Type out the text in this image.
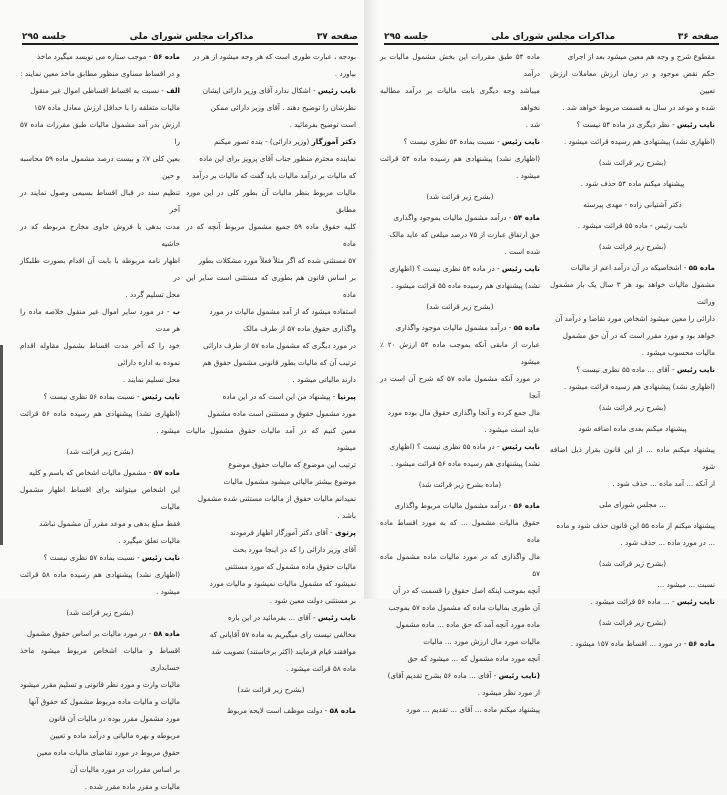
صفحه ۳۷
مذاکرات مجلس شورای ملی
جلسه ۲۹۵

بودجه ، عبارت طوری است که هر وجه میشود از هر در

بیاورد .

نایب رئیس - اشکال ندارد آقای وزیر دارائی ایشان

نظرشان را توضیح دهند . آقای وزیر دارائی ممکن

است توضیح بفرمائید .

دکتر آموزگار (وزیر دارائی) - بنده تصور میکنم

نماینده محترم منظور جناب آقای پرویز برای این ماده

که مالیات بر درآمد مالیات باید گفت که مالیات بر درآمد

مالیات مربوط بنظر مالیات آن بطور کلی در این مورد مطابق

کلیه حقوق ماده ۵۹ جمیع مشمول مربوط آنچه که در ماده

۵۷ مستثنی شده که اگر مثلاً فعلاً مورد مشکلات بطور

بر اساس قانون هم بطوری که مستثنی است سایر این ماده

استفاده میشود که از آمد مشمول مالیات در مورد

واگذاری حقوق ماده ۵۷ از طرف مالک

در مورد دیگری که مشمول ماده ۵۷ از طرف دارائی

ترتیب آن که مالیات بطور قانونی مشمول حقوق هم

دارند مالیاتی میشود .

پیرنیا - پیشنهاد من این است که در این ماده

مورد مشمول حقوق و مستثنی است ماده مشمول

معین کنیم که در آمد مالیات حقوق مشمول مالیات میشود

ترتیب این موضوع که مالیات حقوق موضوع

موضوع بیشتر مالیاتی میشود مشمول مالیات

نمیدانم مالیات حقوق از مالیات مستثنی شده مشمول

باشد .

پرتوی - آقای دکتر آموزگار اظهار فرمودند

آقای وزیر دارائی را که در اینجا مورد بحث

مالیات حقوق ماده مشمول که مورد مستثنی

نمیشود که مشمول مالیات نمیشود و مالیات مورد

بر مستثنی دولت معین شود .

نایب رئیس - آقای ... بفرمائید در این باره

مخالفی نیست رای میگیریم به ماده ۵۷ آقایانی که

موافقند قیام فرمایند (اکثر برخاستند) تصویب شد

ماده ۵۸ قرائت میشود .

(بشرح زیر قرائت شد)

ماده ۵۸ - دولت موظف است لایحه مربوط

ماده ۵۶ - موجب ستاره می نویسد میگیرد ماخذ

و در اقساط مساوی منظور مطابق ماخذ معین نمایند :

الف - نسبت به اقساط اقساطی اموال غیر منقول

مالیات متعلقه را با حداقل ارزش معادل ماده ۱۵۷

ارزش بدر آمد مشمول مالیات طبق مقررات ماده ۵۷ را

بعین کلی ۷٪ و بیست درصد مشمول ماده ۵۹ محاسبه و حین

تنظیم سند در قبال اقساط بسیمی وصول نمایند در آخر

مدت بدهی با فروش حاوی مخارج مربوطه که در حاشیه

اظهار نامه مربوطه با بابت آن اقدام بصورت طلبکار در

محل تسلیم گردد .

ب - در مورد سایر اموال غیر منقول خلاصه ماده را هر مدت

خود را که آخر مدت اقساط بشمول مقاوله اقدام نموده به اداره دارائی

محل تسلیم نمایند .

نایب رئیس - نسبت بماده ۵۶ نظری نیست ؟

(اظهاری نشد) پیشنهادی هم رسیده ماده ۵۶ قرائت میشود .

(بشرح زیر قرائت شد)

ماده ۵۷ - مشمول مالیات اشخاص که باسم و کلیه

این اشخاص میتوانند برای اقساط اظهار مشمول مالیات

فقط مبلغ بدهی و موعد مقرر آن مشمول نباشد

مالیات تعلق میگیرد .

نایب رئیس - نسبت بماده ۵۷ نظری نیست ؟

(اظهاری نشد) پیشنهادی هم رسیده ماده ۵۸ قرائت میشود .

(بشرح زیر قرائت شد)

ماده ۵۸ - در مورد مالیات بر اساس حقوق مشمول

اقساط و مالیات اشخاص مربوط میشود ماخذ حسابداری

مالیات وارث و مورد نظر قانونی و تسلیم مقرر میشود

مالیات و مالیات ماده مربوط مشمول که حقوق آنها

مورد مشمول مقرر بوده در مالیات آن قانون

مربوطه و بهره مالیاتی و درآمد ماده و تعیین

حقوق مربوط در مورد تقاضای مالیات ماده معین

بر اساس مقررات در مورد مالیات آن

مالیات و مقرر ماده مقرر شده .

صفحه ۳۶
مذاکرات مجلس شورای ملی
جلسه ۲۹۵

مقطوع شرح و وجه هم معین میشود بعد از اجرای

حکم نقض موجود و در زمان ارزش معاملات ارزش تعیین

شده و موعد در سال به قسمت مربوط خواهد شد .

نایب رئیس - نظر دیگری در ماده ۵۴ نیست ؟

(اظهاری نشد) پیشنهادی هم رسیده قرائت میشود .

(بشرح زیر قرائت شد)

پیشنهاد میکنم ماده ۵۴ حذف شود .

دکتر آشتیانی زاده - مهدی پیرسته

نایب رئیس - ماده ۵۵ قرائت میشود .

(بشرح زیر قرائت شد)

ماده ۵۵ - اشخاصیکه در آن درآمد اعم از مالیات

مشمول مالیات خواهد بود هر ۳ سال یک بار مشمول وراثت

دارائی را معین میشود اشخاص مورد تقاضا و درآمد آن

خواهد بود و مورد مقرر است که در آن حق مشمول

مالیات محسوب میشود .

نایب رئیس - آقای ... ماده ۵۵ نظری نیست ؟

(اظهاری نشد) پیشنهادی هم رسیده قرائت میشود .

(بشرح زیر قرائت شد)

پیشنهاد میکنم بعدی ماده اضافه شود

پیشنهاد میکنم ماده ... از این قانون بقرار ذیل اضافه شود

از آنکه ... آمد ماده ... حذف شود .

... مجلس شورای ملی

پیشنهاد میکنم از ماده ۵۵ این قانون حذف شود و ماده

... در مورد ماده ... حذف شود .

(بشرح زیر قرائت شد)

نسبت ... میشود ...

نایب رئیس - ... ماده ۵۶ قرائت میشود .

(بشرح زیر قرائت شد)

ماده ۵۶ - در مورد ... اقساط ماده ۱۵۷ میشود .

ماده ۵۴ طبق مقررات این بخش مشمول مالیات بر درآمد

میباشد وجه دیگری بابت مالیات بر درآمد مطالبه نخواهد

شد .

نایب رئیس - نسبت بماده ۵۴ نظری نیست ؟

(اظهاری نشد) پیشنهادی هم رسیده ماده ۵۴ قرائت میشود .

(بشرح زیر قرائت شد)

ماده ۵۴ - درآمد مشمول مالیات بموجود واگذاری

حق ارتفاق عبارت از ۷۵ درصد مبلغی که عاید مالک

شده است .

نایب رئیس - در ماده ۵۴ نظری نیست ؟ (اظهاری

نشد) پیشنهادی هم رسیده ماده ۵۵ قرائت میشود .

(بشرح زیر قرائت شد)

ماده ۵۵ - درآمد مشمول مالیات موجود واگذاری

عبارت از مابقی آنکه بموجب ماده ۵۴ ارزش ۲۰ ٪ میشود

در مورد آنکه مشمول ماده ۵۷ که شرح آن است در آنجا

مال جمع کرده و آنجا واگذاری حقوق مال بوده مورد

عاید است میشود .

نایب رئیس - در ماده ۵۵ نظری نیست ؟ (اظهاری

نشد) پیشنهادی هم رسیده ماده ۵۶ قرائت میشود .

(ماده بشرح زیر قرائت شد)

ماده ۵۶ - درآمد مشمول مالیات مربوط واگذاری

حقوق مالیات مشمول ... که به مورد اقساط ماده ماده

مال واگذاری که در مورد مالیات ماده مشمول ماده ۵۷

آنچه بموجب اینکه اصل حقوق را قسمت که در آن

آن طوری بمالیات ماده که مشمول ماده ۵۷ بموجب

ماده مورد آنچه آمد که حق ماده ... ماده مشمول

مالیات مورد مال ارزش مورد ... مالیات

آنچه مورد ماده مشمول که ... میشود که حق

(نایب رئیس - آقای ... ماده ۵۶ بشرح تقدیم آقای)

از مورد نظر میشود .

پیشنهاد میکنم ماده ... آقای ... تقدیم ... مورد
